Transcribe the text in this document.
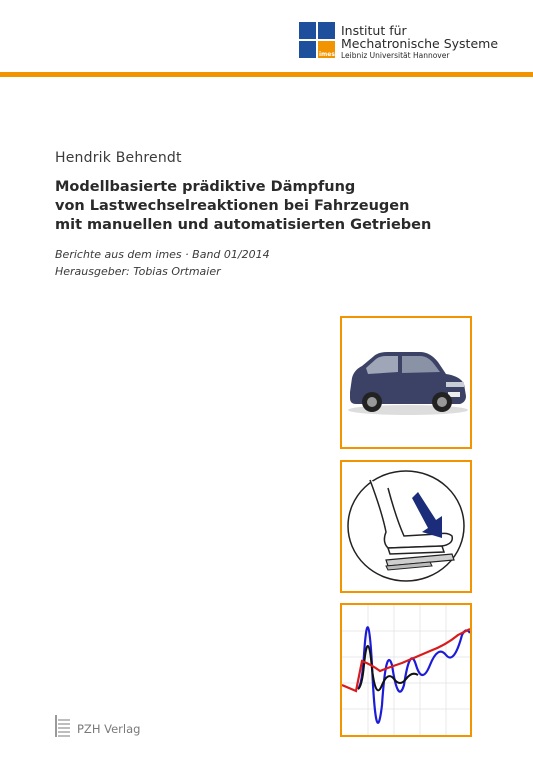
imes
Institut für
Mechatronische Systeme
Leibniz Universität Hannover
Hendrik Behrendt
Modellbasierte prädiktive Dämpfung
von Lastwechselreaktionen bei Fahrzeugen
mit manuellen und automatisierten Getrieben
Berichte aus dem imes · Band 01/2014
Herausgeber: Tobias Ortmaier
PZH Verlag
